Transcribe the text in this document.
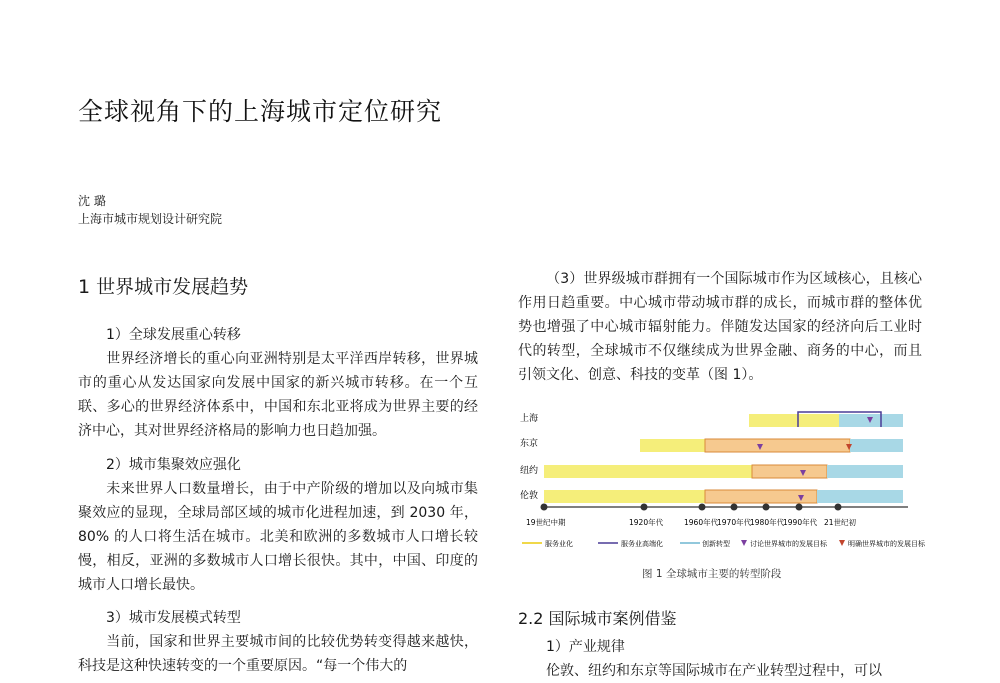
全球视角下的上海城市定位研究
沈 璐
上海市城市规划设计研究院
1 世界城市发展趋势
1）全球发展重心转移
世界经济增长的重心向亚洲特别是太平洋西岸转移，世界城市的重心从发达国家向发展中国家的新兴城市转移。在一个互联、多心的世界经济体系中，中国和东北亚将成为世界主要的经济中心，其对世界经济格局的影响力也日趋加强。
2）城市集聚效应强化
未来世界人口数量增长，由于中产阶级的增加以及向城市集聚效应的显现，全球局部区域的城市化进程加速，到 2030 年，80% 的人口将生活在城市。北美和欧洲的多数城市人口增长较慢，相反，亚洲的多数城市人口增长很快。其中，中国、印度的城市人口增长最快。
3）城市发展模式转型
当前，国家和世界主要城市间的比较优势转变得越来越快，科技是这种快速转变的一个重要原因。“每一个伟大的
（3）世界级城市群拥有一个国际城市作为区域核心，且核心作用日趋重要。中心城市带动城市群的成长，而城市群的整体优势也增强了中心城市辐射能力。伴随发达国家的经济向后工业时代的转型，全球城市不仅继续成为世界金融、商务的中心，而且引领文化、创意、科技的变革（图 1）。
上海
东京
纽约
伦敦
19世纪中期	1920年代	1960年代
1970年代
1980年代
1990年代 21世纪初
服务业化	服务业高端化	创新转型	讨论世界城市的发展目标	明确世界城市的发展目标
图 1 全球城市主要的转型阶段
2.2 国际城市案例借鉴
1）产业规律
伦敦、纽约和东京等国际城市在产业转型过程中，可以
